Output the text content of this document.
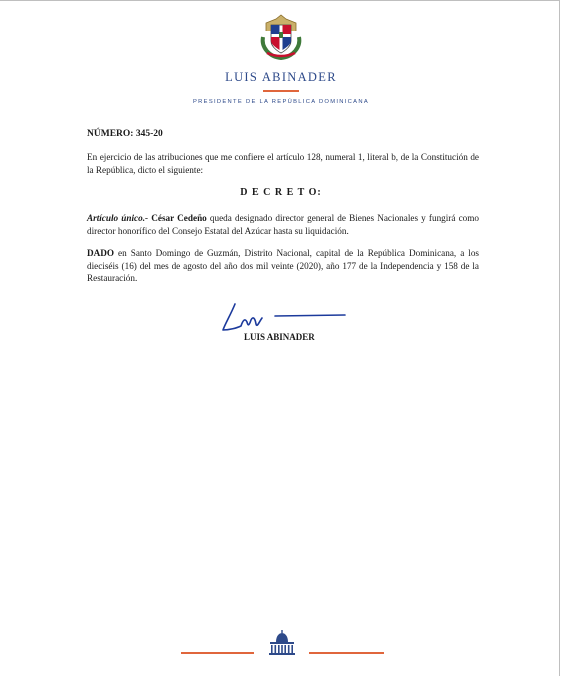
LUIS ABINADER
PRESIDENTE DE LA REPÚBLICA DOMINICANA
NÚMERO: 345-20
En ejercicio de las atribuciones que me confiere el artículo 128, numeral 1, literal b, de la Constitución de la República, dicto el siguiente:
D E C R E T O:
Artículo único.- César Cedeño queda designado director general de Bienes Nacionales y fungirá como director honorífico del Consejo Estatal del Azúcar hasta su liquidación.
DADO en Santo Domingo de Guzmán, Distrito Nacional, capital de la República Dominicana, a los dieciséis (16) del mes de agosto del año dos mil veinte (2020), año 177 de la Independencia y 158 de la Restauración.
LUIS ABINADER
